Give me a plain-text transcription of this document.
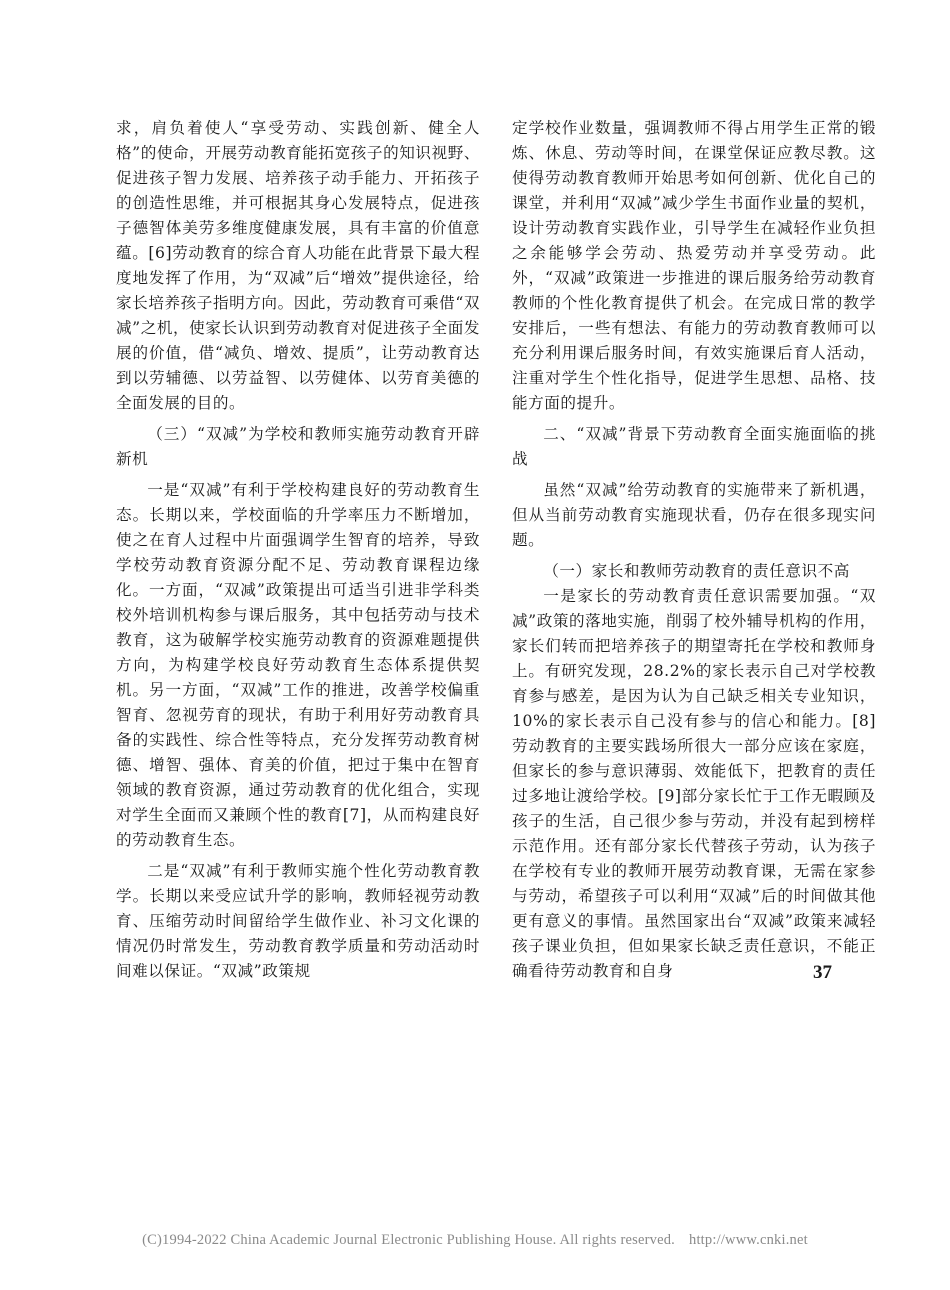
求，肩负着使人“享受劳动、实践创新、健全人格”的使命，开展劳动教育能拓宽孩子的知识视野、促进孩子智力发展、培养孩子动手能力、开拓孩子的创造性思维，并可根据其身心发展特点，促进孩子德智体美劳多维度健康发展，具有丰富的价值意蕴。[6]劳动教育的综合育人功能在此背景下最大程度地发挥了作用，为“双减”后“增效”提供途径，给家长培养孩子指明方向。因此，劳动教育可乘借“双减”之机，使家长认识到劳动教育对促进孩子全面发展的价值，借“减负、增效、提质”，让劳动教育达到以劳辅德、以劳益智、以劳健体、以劳育美德的全面发展的目的。

（三）“双减”为学校和教师实施劳动教育开辟新机

一是“双减”有利于学校构建良好的劳动教育生态。长期以来，学校面临的升学率压力不断增加，使之在育人过程中片面强调学生智育的培养，导致学校劳动教育资源分配不足、劳动教育课程边缘化。一方面，“双减”政策提出可适当引进非学科类校外培训机构参与课后服务，其中包括劳动与技术教育，这为破解学校实施劳动教育的资源难题提供方向，为构建学校良好劳动教育生态体系提供契机。另一方面，“双减”工作的推进，改善学校偏重智育、忽视劳育的现状，有助于利用好劳动教育具备的实践性、综合性等特点，充分发挥劳动教育树德、增智、强体、育美的价值，把过于集中在智育领域的教育资源，通过劳动教育的优化组合，实现对学生全面而又兼顾个性的教育[7]，从而构建良好的劳动教育生态。

二是“双减”有利于教师实施个性化劳动教育教学。长期以来受应试升学的影响，教师轻视劳动教育、压缩劳动时间留给学生做作业、补习文化课的情况仍时常发生，劳动教育教学质量和劳动活动时间难以保证。“双减”政策规

定学校作业数量，强调教师不得占用学生正常的锻炼、休息、劳动等时间，在课堂保证应教尽教。这使得劳动教育教师开始思考如何创新、优化自己的课堂，并利用“双减”减少学生书面作业量的契机，设计劳动教育实践作业，引导学生在减轻作业负担之余能够学会劳动、热爱劳动并享受劳动。此外，“双减”政策进一步推进的课后服务给劳动教育教师的个性化教育提供了机会。在完成日常的教学安排后，一些有想法、有能力的劳动教育教师可以充分利用课后服务时间，有效实施课后育人活动，注重对学生个性化指导，促进学生思想、品格、技能方面的提升。

二、“双减”背景下劳动教育全面实施面临的挑战

虽然“双减”给劳动教育的实施带来了新机遇，但从当前劳动教育实施现状看，仍存在很多现实问题。

（一）家长和教师劳动教育的责任意识不高

一是家长的劳动教育责任意识需要加强。“双减”政策的落地实施，削弱了校外辅导机构的作用，家长们转而把培养孩子的期望寄托在学校和教师身上。有研究发现，28.2%的家长表示自己对学校教育参与感差，是因为认为自己缺乏相关专业知识，10%的家长表示自己没有参与的信心和能力。[8]劳动教育的主要实践场所很大一部分应该在家庭，但家长的参与意识薄弱、效能低下，把教育的责任过多地让渡给学校。[9]部分家长忙于工作无暇顾及孩子的生活，自己很少参与劳动，并没有起到榜样示范作用。还有部分家长代替孩子劳动，认为孩子在学校有专业的教师开展劳动教育课，无需在家参与劳动，希望孩子可以利用“双减”后的时间做其他更有意义的事情。虽然国家出台“双减”政策来减轻孩子课业负担，但如果家长缺乏责任意识，不能正确看待劳动教育和自身	37
(C)1994-2022 China Academic Journal Electronic Publishing House. All rights reserved. http://www.cnki.net
